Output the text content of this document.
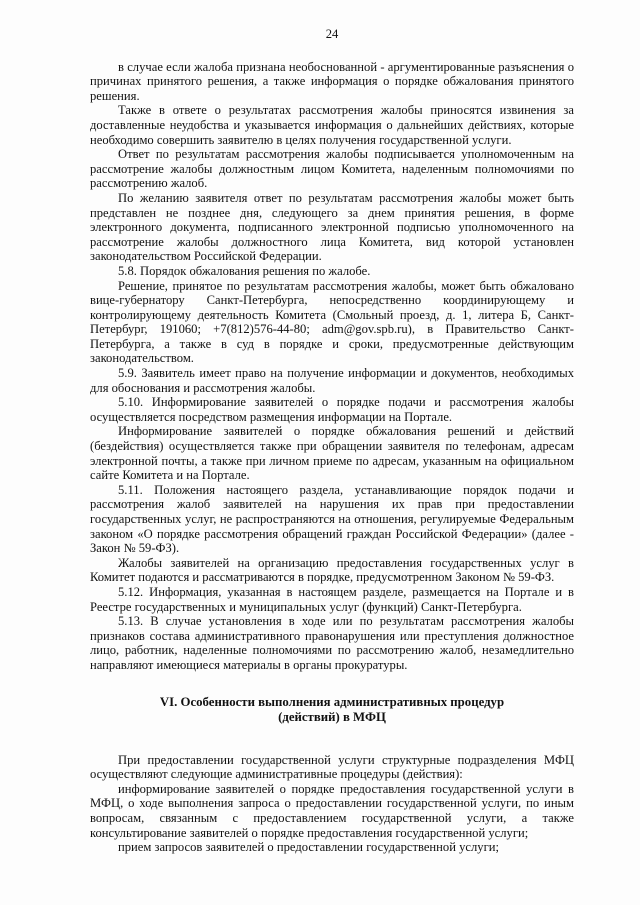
24

в случае если жалоба признана необоснованной - аргументированные разъяснения о причинах принятого решения, а также информация о порядке обжалования принятого решения.

Также в ответе о результатах рассмотрения жалобы приносятся извинения за доставленные неудобства и указывается информация о дальнейших действиях, которые необходимо совершить заявителю в целях получения государственной услуги.

Ответ по результатам рассмотрения жалобы подписывается уполномоченным на рассмотрение жалобы должностным лицом Комитета, наделенным полномочиями по рассмотрению жалоб.

По желанию заявителя ответ по результатам рассмотрения жалобы может быть представлен не позднее дня, следующего за днем принятия решения, в форме электронного документа, подписанного электронной подписью уполномоченного на рассмотрение жалобы должностного лица Комитета, вид которой установлен законодательством Российской Федерации.

5.8. Порядок обжалования решения по жалобе.

Решение, принятое по результатам рассмотрения жалобы, может быть обжаловано вице-губернатору Санкт-Петербурга, непосредственно координирующему и контролирующему деятельность Комитета (Смольный проезд, д. 1, литера Б, Санкт-Петербург, 191060; +7(812)576-44-80; adm@gov.spb.ru), в Правительство Санкт-Петербурга, а также в суд в порядке и сроки, предусмотренные действующим законодательством.

5.9. Заявитель имеет право на получение информации и документов, необходимых для обоснования и рассмотрения жалобы.

5.10. Информирование заявителей о порядке подачи и рассмотрения жалобы осуществляется посредством размещения информации на Портале.

Информирование заявителей о порядке обжалования решений и действий (бездействия) осуществляется также при обращении заявителя по телефонам, адресам электронной почты, а также при личном приеме по адресам, указанным на официальном сайте Комитета и на Портале.

5.11. Положения настоящего раздела, устанавливающие порядок подачи и рассмотрения жалоб заявителей на нарушения их прав при предоставлении государственных услуг, не распространяются на отношения, регулируемые Федеральным законом «О порядке рассмотрения обращений граждан Российской Федерации» (далее - Закон № 59-ФЗ).

Жалобы заявителей на организацию предоставления государственных услуг в Комитет подаются и рассматриваются в порядке, предусмотренном Законом № 59-ФЗ.

5.12. Информация, указанная в настоящем разделе, размещается на Портале и в Реестре государственных и муниципальных услуг (функций) Санкт-Петербурга.

5.13. В случае установления в ходе или по результатам рассмотрения жалобы признаков состава административного правонарушения или преступления должностное лицо, работник, наделенные полномочиями по рассмотрению жалоб, незамедлительно направляют имеющиеся материалы в органы прокуратуры.

VI. Особенности выполнения административных процедур
(действий) в МФЦ

При предоставлении государственной услуги структурные подразделения МФЦ осуществляют следующие административные процедуры (действия):

информирование заявителей о порядке предоставления государственной услуги в МФЦ, о ходе выполнения запроса о предоставлении государственной услуги, по иным вопросам, связанным с предоставлением государственной услуги, а также консультирование заявителей о порядке предоставления государственной услуги;

прием запросов заявителей о предоставлении государственной услуги;
